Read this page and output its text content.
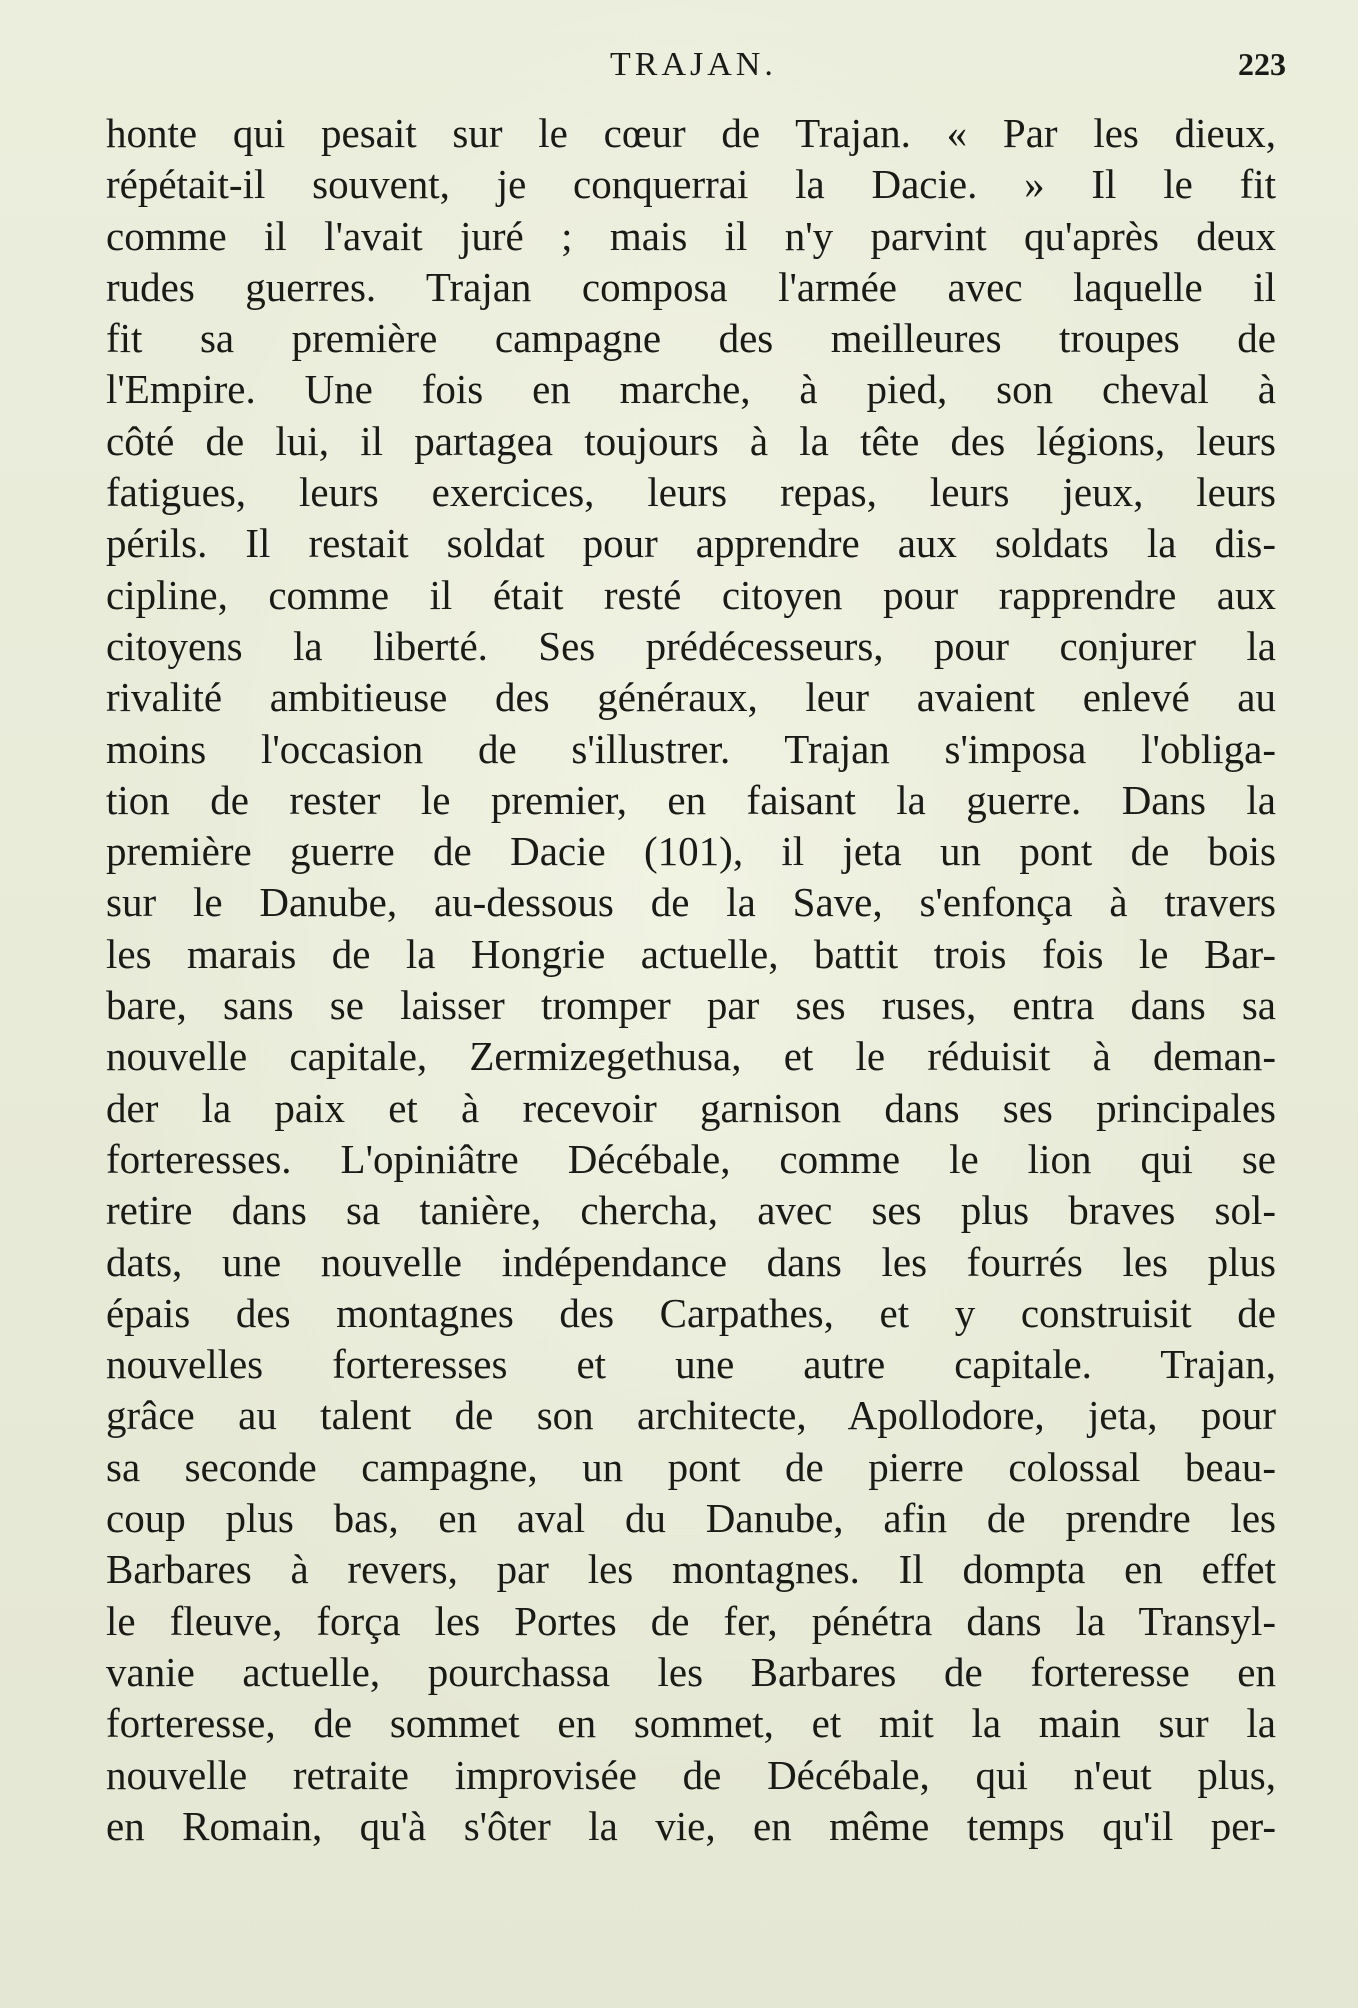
TRAJAN.	223
honte qui pesait sur le cœur de Trajan. « Par les dieux,
répétait-il souvent, je conquerrai la Dacie. » Il le fit
comme il l'avait juré ; mais il n'y parvint qu'après deux
rudes guerres. Trajan composa l'armée avec laquelle il
fit sa première campagne des meilleures troupes de
l'Empire. Une fois en marche, à pied, son cheval à
côté de lui, il partagea toujours à la tête des légions, leurs
fatigues, leurs exercices, leurs repas, leurs jeux, leurs
périls. Il restait soldat pour apprendre aux soldats la dis-
cipline, comme il était resté citoyen pour rapprendre aux
citoyens la liberté. Ses prédécesseurs, pour conjurer la
rivalité ambitieuse des généraux, leur avaient enlevé au
moins l'occasion de s'illustrer. Trajan s'imposa l'obliga-
tion de rester le premier, en faisant la guerre. Dans la
première guerre de Dacie (101), il jeta un pont de bois
sur le Danube, au-dessous de la Save, s'enfonça à travers
les marais de la Hongrie actuelle, battit trois fois le Bar-
bare, sans se laisser tromper par ses ruses, entra dans sa
nouvelle capitale, Zermizegethusa, et le réduisit à deman-
der la paix et à recevoir garnison dans ses principales
forteresses. L'opiniâtre Décébale, comme le lion qui se
retire dans sa tanière, chercha, avec ses plus braves sol-
dats, une nouvelle indépendance dans les fourrés les plus
épais des montagnes des Carpathes, et y construisit de
nouvelles forteresses et une autre capitale. Trajan,
grâce au talent de son architecte, Apollodore, jeta, pour
sa seconde campagne, un pont de pierre colossal beau-
coup plus bas, en aval du Danube, afin de prendre les
Barbares à revers, par les montagnes. Il dompta en effet
le fleuve, força les Portes de fer, pénétra dans la Transyl-
vanie actuelle, pourchassa les Barbares de forteresse en
forteresse, de sommet en sommet, et mit la main sur la
nouvelle retraite improvisée de Décébale, qui n'eut plus,
en Romain, qu'à s'ôter la vie, en même temps qu'il per-
